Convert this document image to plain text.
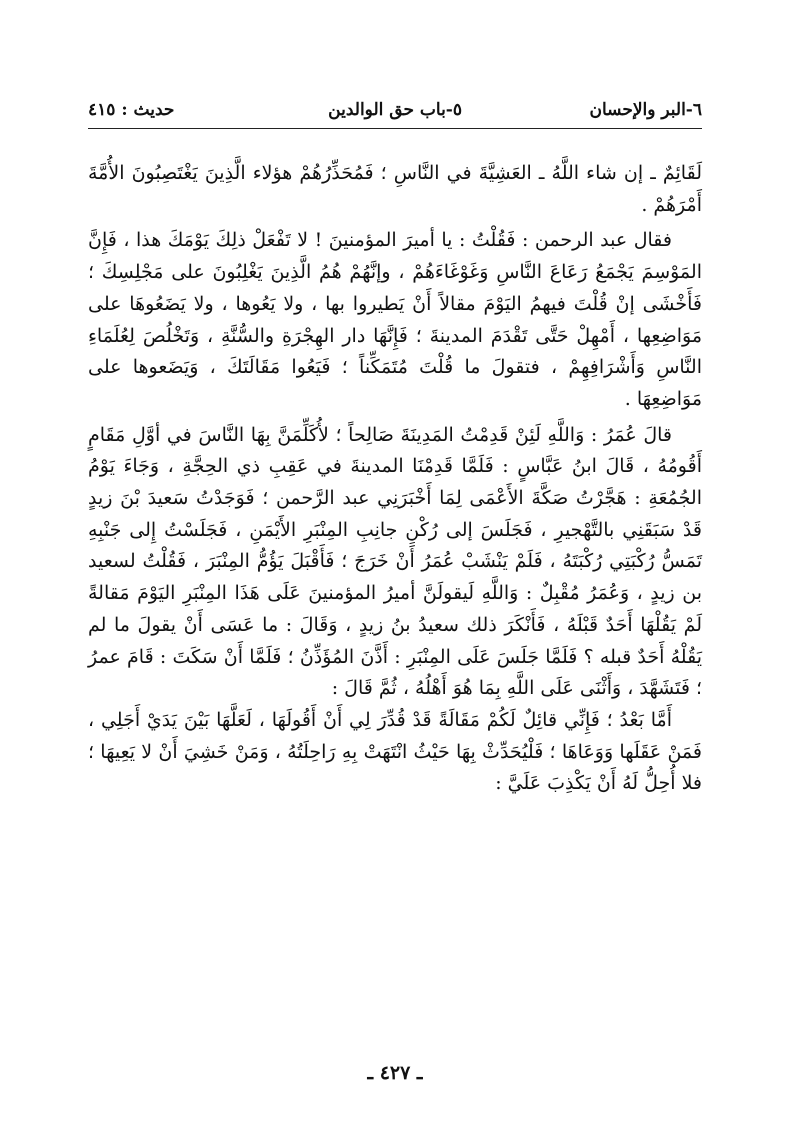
٦-البر والإحسان
٥-باب حق الوالدين
حديث : ٤١٥

لَقَائِمٌ ـ إن شاء اللَّهُ ـ العَشِيَّةَ في النَّاسِ ؛ فَمُحَذِّرُهُمْ هؤلاء الَّذِينَ يَغْتَصِبُونَ الأُمَّةَ أَمْرَهُمْ .

فقال عبد الرحمن : فَقُلْتُ : يا أميرَ المؤمنينَ ! لا تَفْعَلْ ذلِكَ يَوْمَكَ هذا ، فَإِنَّ المَوْسِمَ يَجْمَعُ رَعَاعَ النَّاسِ وَغَوْغَاءَهُمْ ، وإنَّهُمْ هُمُ الَّذِينَ يَغْلِبُونَ على مَجْلِسِكَ ؛ فَأَخْشَى إنْ قُلْتَ فيهمُ اليَوْمَ مقالاً أَنْ يَطيروا بها ، ولا يَعُوها ، ولا يَضَعُوهَا على مَوَاضِعِها ، أَمْهِلْ حَتَّى تَقْدَمَ المدينةَ ؛ فَإِنَّهَا دار الهِجْرَةِ والسُّنَّةِ ، وَتَخْلُصَ لِعُلَمَاءِ النَّاسِ وَأَشْرَافِهِمْ ، فتقولَ ما قُلْتَ مُتَمَكِّناً ؛ فَيَعُوا مَقَالَتَكَ ، وَيَضَعوها على مَوَاضِعِهَا .

قالَ عُمَرُ : وَاللَّهِ لَئِنْ قَدِمْتُ المَدِينَةَ صَالِحاً ؛ لأُكَلِّمَنَّ بِهَا النَّاسَ في أوَّلِ مَقَامٍ أَقُومُهُ ، قَالَ ابنُ عَبَّاسٍ : فَلَمَّا قَدِمْنَا المدينةَ في عَقِبِ ذي الحِجَّةِ ، وَجَاءَ يَوْمُ الجُمُعَةِ : هَجَّرْتُ صَكَّةَ الأَعْمَى لِمَا أَخْبَرَنِي عبد الرَّحمن ؛ فَوَجَدْتُ سَعيدَ بْنَ زيدٍ قَدْ سَبَقَنِي بالتَّهْجيرِ ، فَجَلَسَ إلى رُكْنِ جانِبِ المِنْبَرِ الأَيْمَنِ ، فَجَلَسْتُ إِلى جَنْبِهِ تَمَسُّ رُكْبَتِي رُكْبَتَهُ ، فَلَمْ يَنْشَبْ عُمَرُ أَنْ خَرَجَ ؛ فَأَقْبَلَ يَؤُمُّ المِنْبَرَ ، فَقُلْتُ لسعيد بن زيدٍ ، وَعُمَرُ مُقْبِلٌ : وَاللَّهِ لَيقولَنَّ أميرُ المؤمنينَ عَلَى هَذَا المِنْبَرِ اليَوْمَ مَقالةً لَمْ يَقُلْهَا أَحَدٌ قَبْلَهُ ، فَأَنْكَرَ ذلك سعيدُ بنُ زيدٍ ، وَقَالَ : ما عَسَى أَنْ يقولَ ما لم يَقُلْهُ أَحَدٌ قبله ؟ فَلَمَّا جَلَسَ عَلَى المِنْبَرِ : أَذَّنَ المُؤَذِّنُ ؛ فَلَمَّا أَنْ سَكَتَ : قَامَ عمرُ ؛ فَتَشَهَّدَ ، وَأَثْنَى عَلَى اللَّهِ بِمَا هُوَ أَهْلُهُ ، ثُمَّ قَالَ :

أَمَّا بَعْدُ ؛ فَإِنِّي قائِلٌ لَكُمْ مَقَالَةً قَدْ قُدِّرَ لِي أَنْ أَقُولَهَا ، لَعَلَّهَا بَيْنَ يَدَيْ أَجَلِي ، فَمَنْ عَقَلَها وَوَعَاهَا ؛ فَلْيُحَدِّثْ بِهَا حَيْثُ انْتَهَتْ بِهِ رَاحِلَتُهُ ، وَمَنْ خَشِيَ أَنْ لا يَعِيهَا ؛ فلا أُحِلُّ لَهُ أَنْ يَكْذِبَ عَلَيَّ :

ـ ٤٢٧ ـ
